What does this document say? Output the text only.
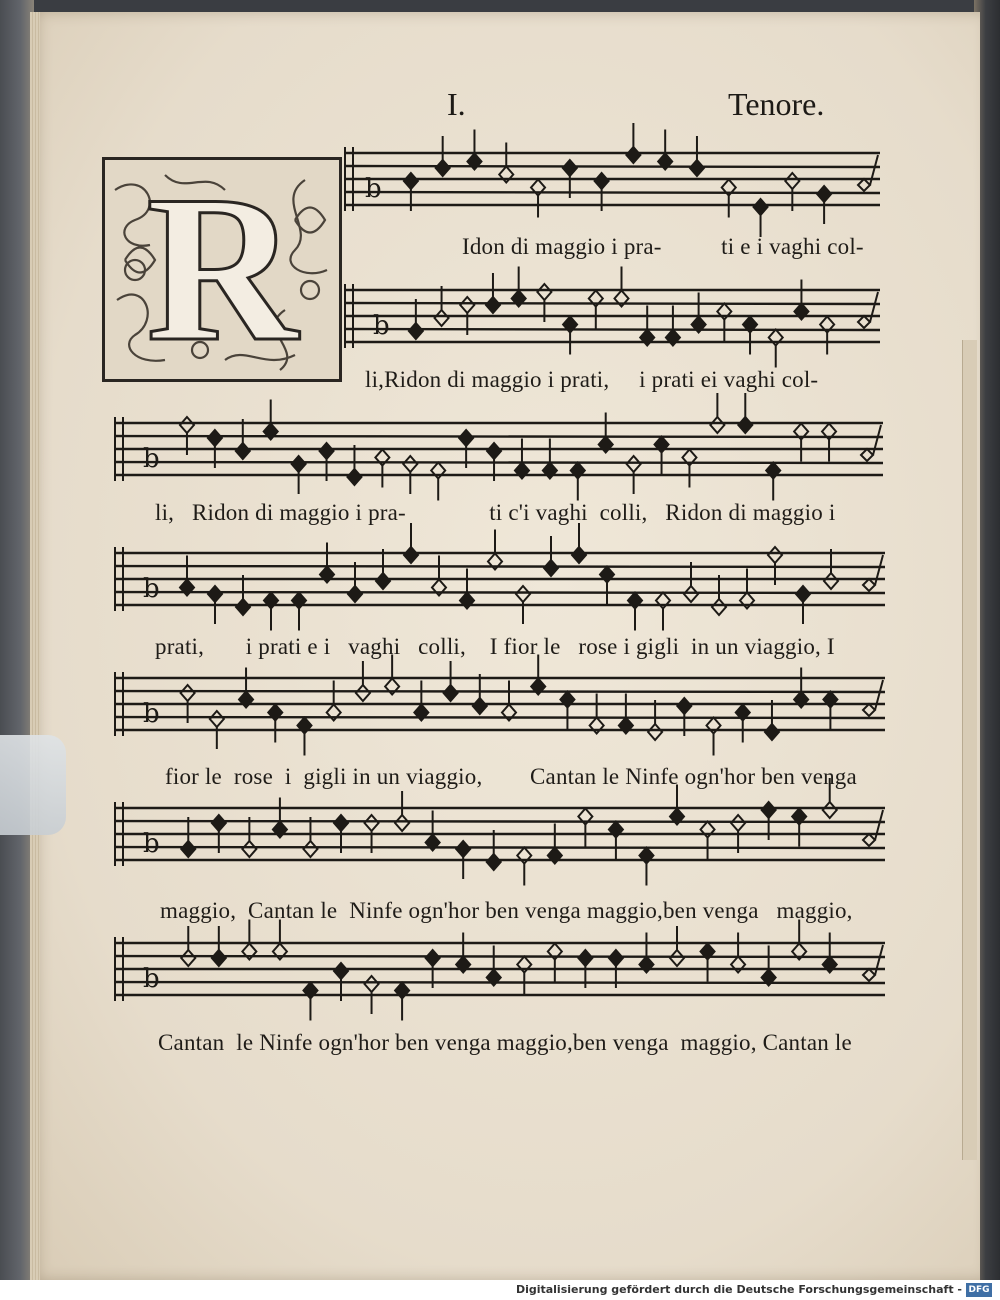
I.	Tenore.
R	b
Idon di maggio i pra-          ti e i vaghi col-
b
li,Ridon di maggio i prati,     i prati ei vaghi col-
b
li,   Ridon di maggio i pra-              ti c'i vaghi  colli,   Ridon di maggio i
b
prati,       i prati e i   vaghi   colli,    I fior le   rose i gigli  in un viaggio, I
b
fior le  rose  i  gigli in un viaggio,        Cantan le Ninfe ogn'hor ben venga
b
maggio,  Cantan le  Ninfe ogn'hor ben venga maggio,ben venga   maggio,
b
Cantan  le Ninfe ogn'hor ben venga maggio,ben venga  maggio, Cantan le
Digitalisierung gefördert durch die Deutsche Forschungsgemeinschaft - DFG
